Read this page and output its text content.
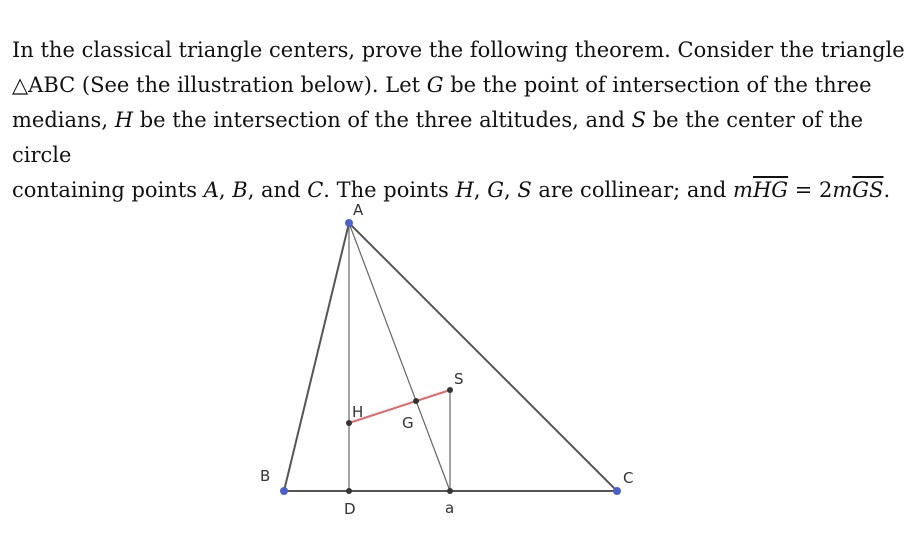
In the classical triangle centers, prove the following theorem. Consider the triangle
△ABC (See the illustration below). Let G be the point of intersection of the three
medians, H be the intersection of the three altitudes, and S be the center of the circle
containing points A, B, and C. The points H, G, S are collinear; and $m\overline{HG} = 2m\overline{GS}$.
A
B	C
D
H
G
S
a
